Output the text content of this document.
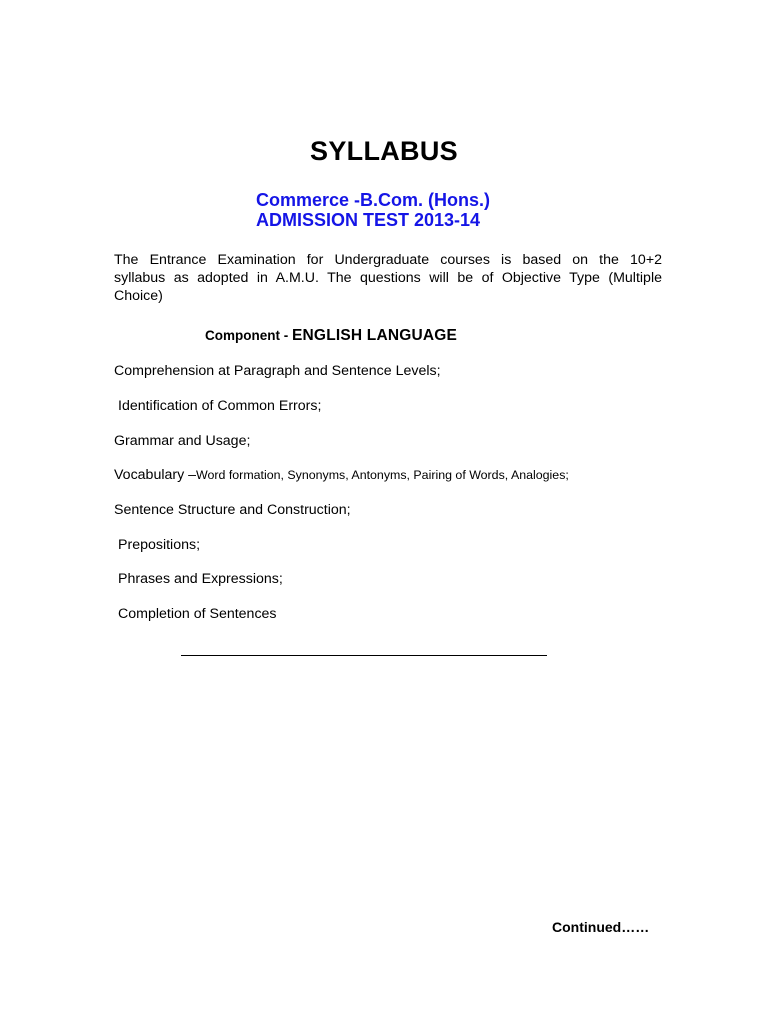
SYLLABUS
Commerce -B.Com. (Hons.)
ADMISSION TEST 2013-14
The Entrance Examination for Undergraduate courses is based on the 10+2
syllabus as adopted in A.M.U. The questions will be of Objective Type (Multiple
Choice)
Component - ENGLISH LANGUAGE
Comprehension at Paragraph and Sentence Levels;
Identification of Common Errors;
Grammar and Usage;
Vocabulary –Word formation, Synonyms, Antonyms, Pairing of Words, Analogies;
Sentence Structure and Construction;
Prepositions;
Phrases and Expressions;
Completion of Sentences
Continued……
